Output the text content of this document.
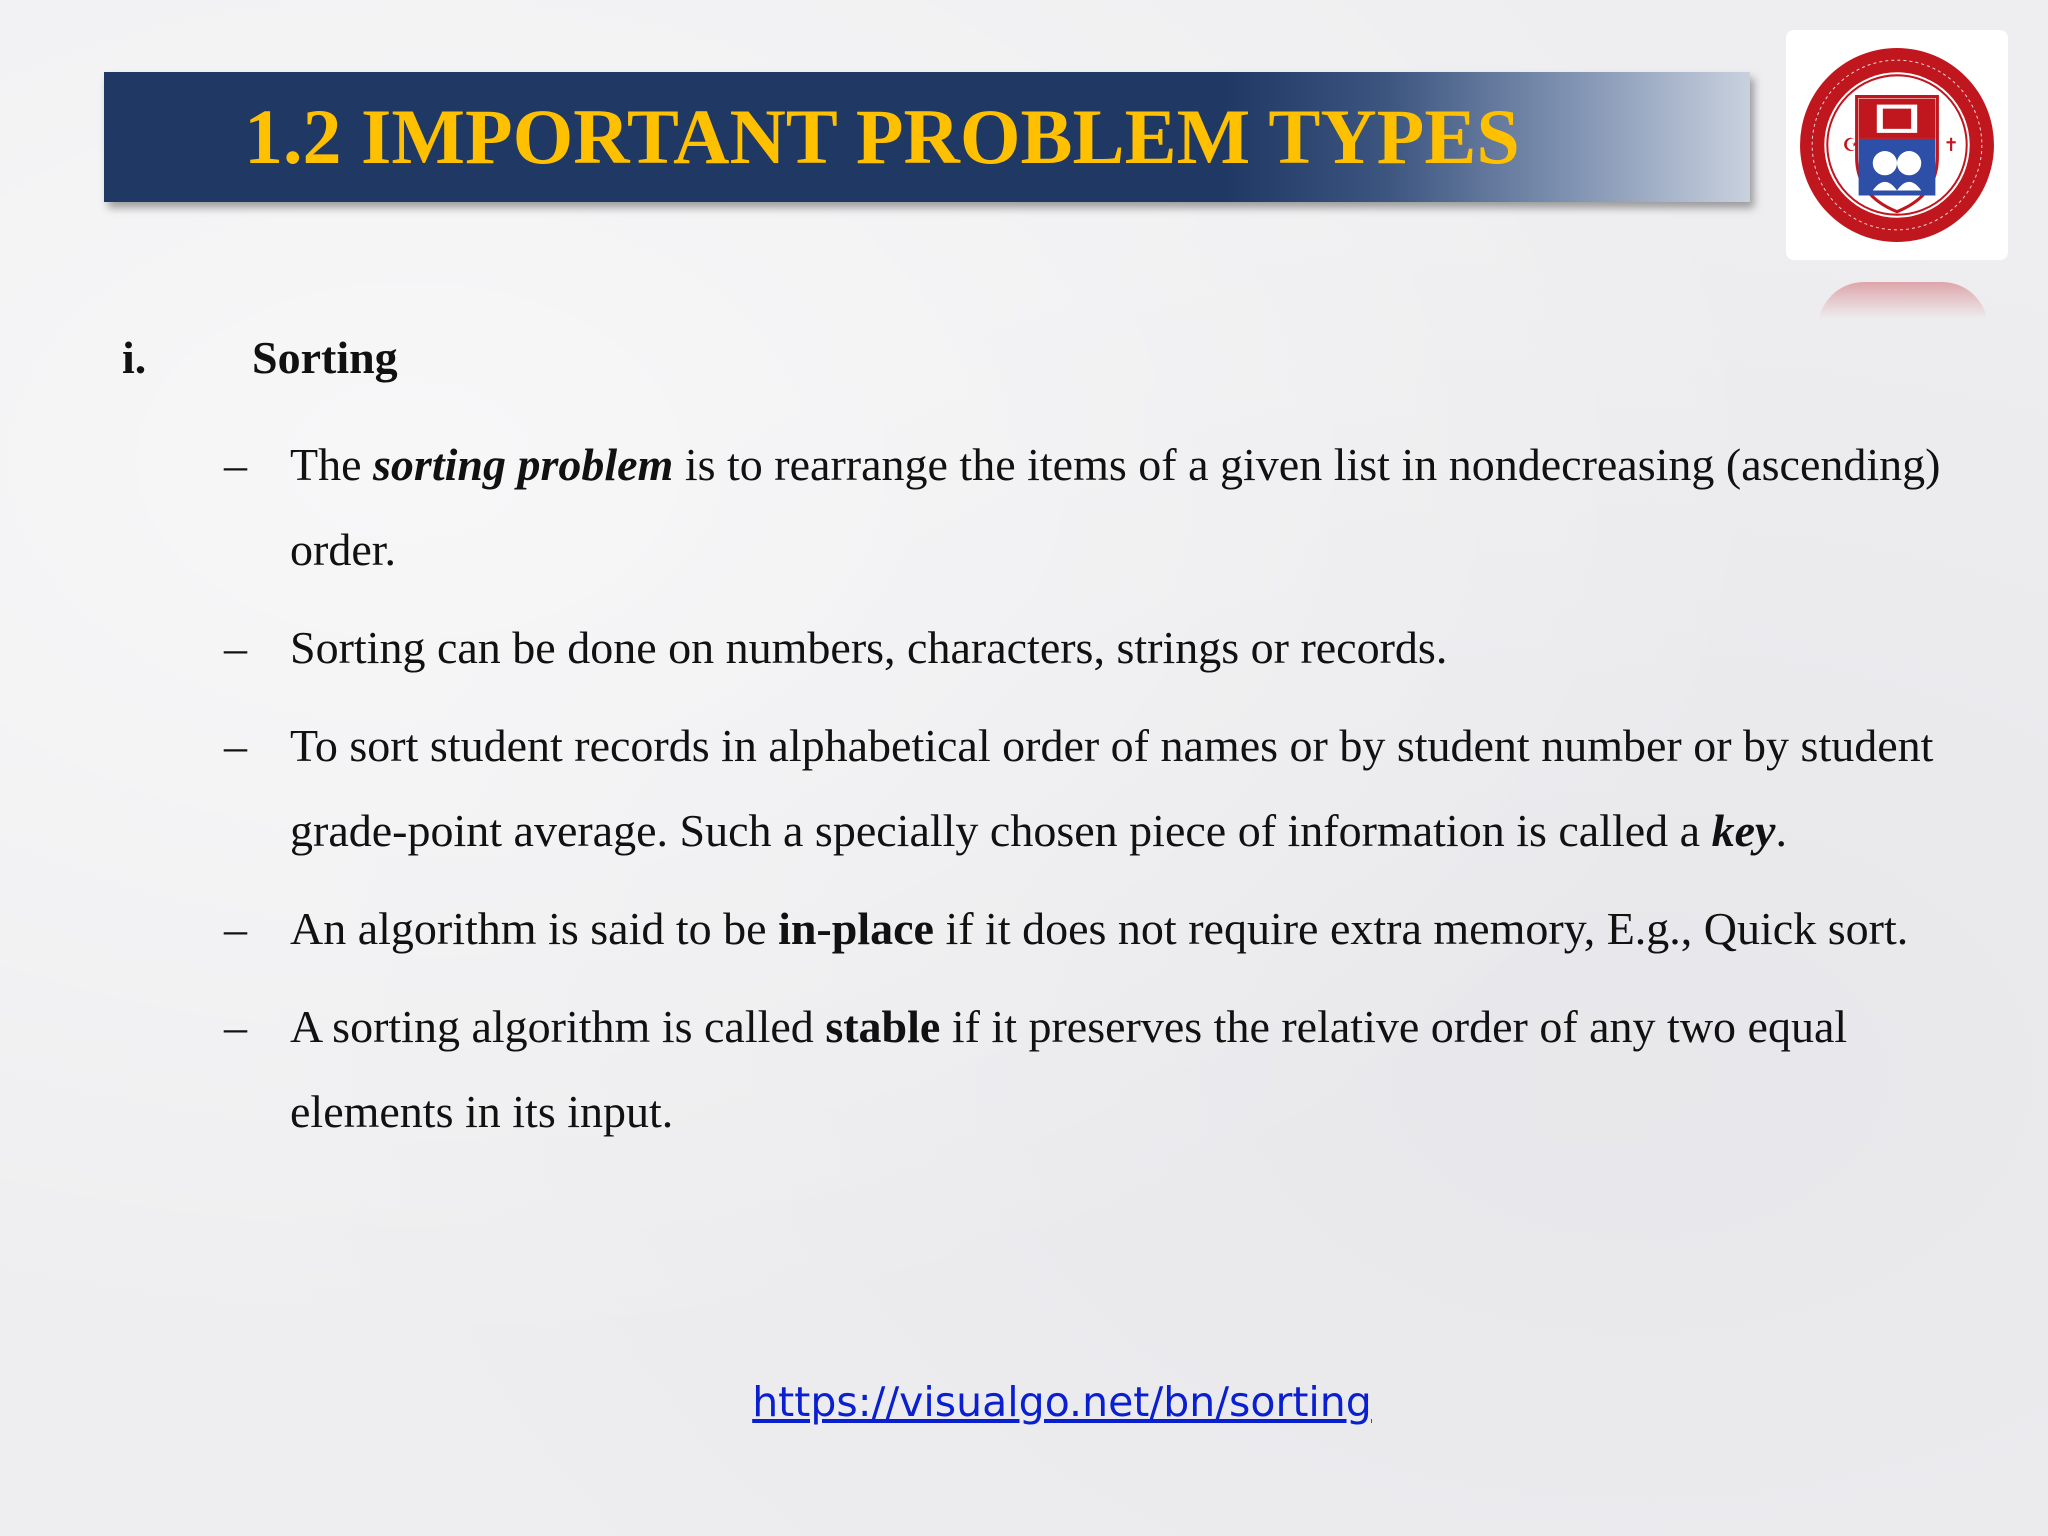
1.2 IMPORTANT PROBLEM TYPES	☪	✝
i. Sorting
– The sorting problem is to rearrange the items of a given list in nondecreasing (ascending) order.
– Sorting can be done on numbers, characters, strings or records.
– To sort student records in alphabetical order of names or by student number or by student grade-point average. Such a specially chosen piece of information is called a key.
– An algorithm is said to be in-place if it does not require extra memory, E.g., Quick sort.
– A sorting algorithm is called stable if it preserves the relative order of any two equal elements in its input.
https://visualgo.net/bn/sorting
